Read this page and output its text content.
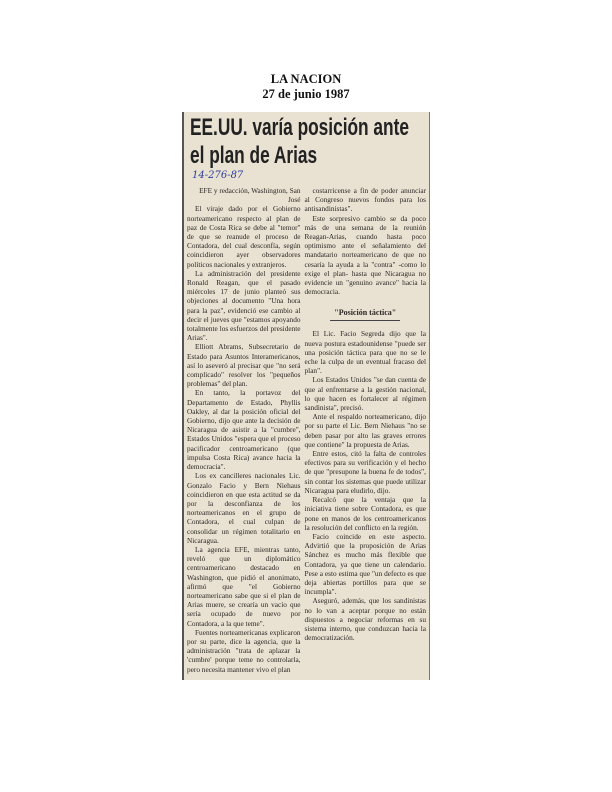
LA NACION
27 de junio 1987
EE.UU. varía posición ante el plan de Arias
14-276-87

EFE y redacción, Washington, San José

El viraje dado por el Gobierno norteamericano respecto al plan de paz de Costa Rica se debe al "temor" de que se reanude el proceso de Contadora, del cual desconfía, según coincidieron ayer observadores políticos nacionales y extranjeros.

La administración del presidente Ronald Reagan, que el pasado miércoles 17 de junio planteó sus objeciones al documento "Una hora para la paz", evidenció ese cambio al decir el jueves que "estamos apoyando totalmente los esfuerzos del presidente Arias".

Elliott Abrams, Subsecretario de Estado para Asuntos Interamericanos, así lo aseveró al precisar que "no será complicado" resolver los "pequeños problemas" del plan.

En tanto, la portavoz del Departamento de Estado, Phyllis Oakley, al dar la posición oficial del Gobierno, dijo que ante la decisión de Nicaragua de asistir a la "cumbre", Estados Unidos "espera que el proceso pacificador centroamericano (que impulsa Costa Rica) avance hacia la democracia".

Los ex cancilleres nacionales Lic. Gonzalo Facio y Bern Niehaus coincidieron en que esta actitud se da por la desconfianza de los norteamericanos en el grupo de Contadora, el cual culpan de consolidar un régimen totalitario en Nicaragua.

La agencia EFE, mientras tanto, reveló que un diplomático centroamericano destacado en Washington, que pidió el anonimato, afirmó que "el Gobierno norteamericano sabe que si el plan de Arias muere, se crearía un vacío que sería ocupado de nuevo por Contadora, a la que teme".

Fuentes norteamericanas explicaron por su parte, dice la agencia, que la administración "trata de aplazar la 'cumbre' porque teme no controlarla, pero necesita mantener vivo el plan

costarricense a fin de poder anunciar al Congreso nuevos fondos para los antisandinistas".

Este sorpresivo cambio se da poco más de una semana de la reunión Reagan-Arias, cuando hasta poco optimismo ante el señalamiento del mandatario norteamericano de que no cesaría la ayuda a la "contra" -como lo exige el plan- hasta que Nicaragua no evidencie un "genuino avance" hacia la democracia.

"Posición táctica"

El Lic. Facio Segreda dijo que la nueva postura estadounidense "puede ser una posición táctica para que no se le eche la culpa de un eventual fracaso del plan".

Los Estados Unidos "se dan cuenta de que al enfrentarse a la gestión nacional, lo que hacen es fortalecer al régimen sandinista", precisó.

Ante el respaldo norteamericano, dijo por su parte el Lic. Bern Niehaus "no se deben pasar por alto las graves errores que contiene" la propuesta de Arias.

Entre estos, citó la falta de controles efectivos para su verificación y el hecho de que "presupone la buena fe de todos", sin contar los sistemas que puede utilizar Nicaragua para eludirlo, dijo.

Recalcó que la ventaja que la iniciativa tiene sobre Contadora, es que pone en manos de los centroamericanos la resolución del conflicto en la región.

Facio coincide en este aspecto. Advirtió que la proposición de Arias Sánchez es mucho más flexible que Contadora, ya que tiene un calendario. Pese a esto estima que "un defecto es que deja abiertas portillos para que se incumpla".

Aseguró, además, que los sandinistas no lo van a aceptar porque no están dispuestos a negociar reformas en su sistema interno, que conduzcan hacia la democratización.
